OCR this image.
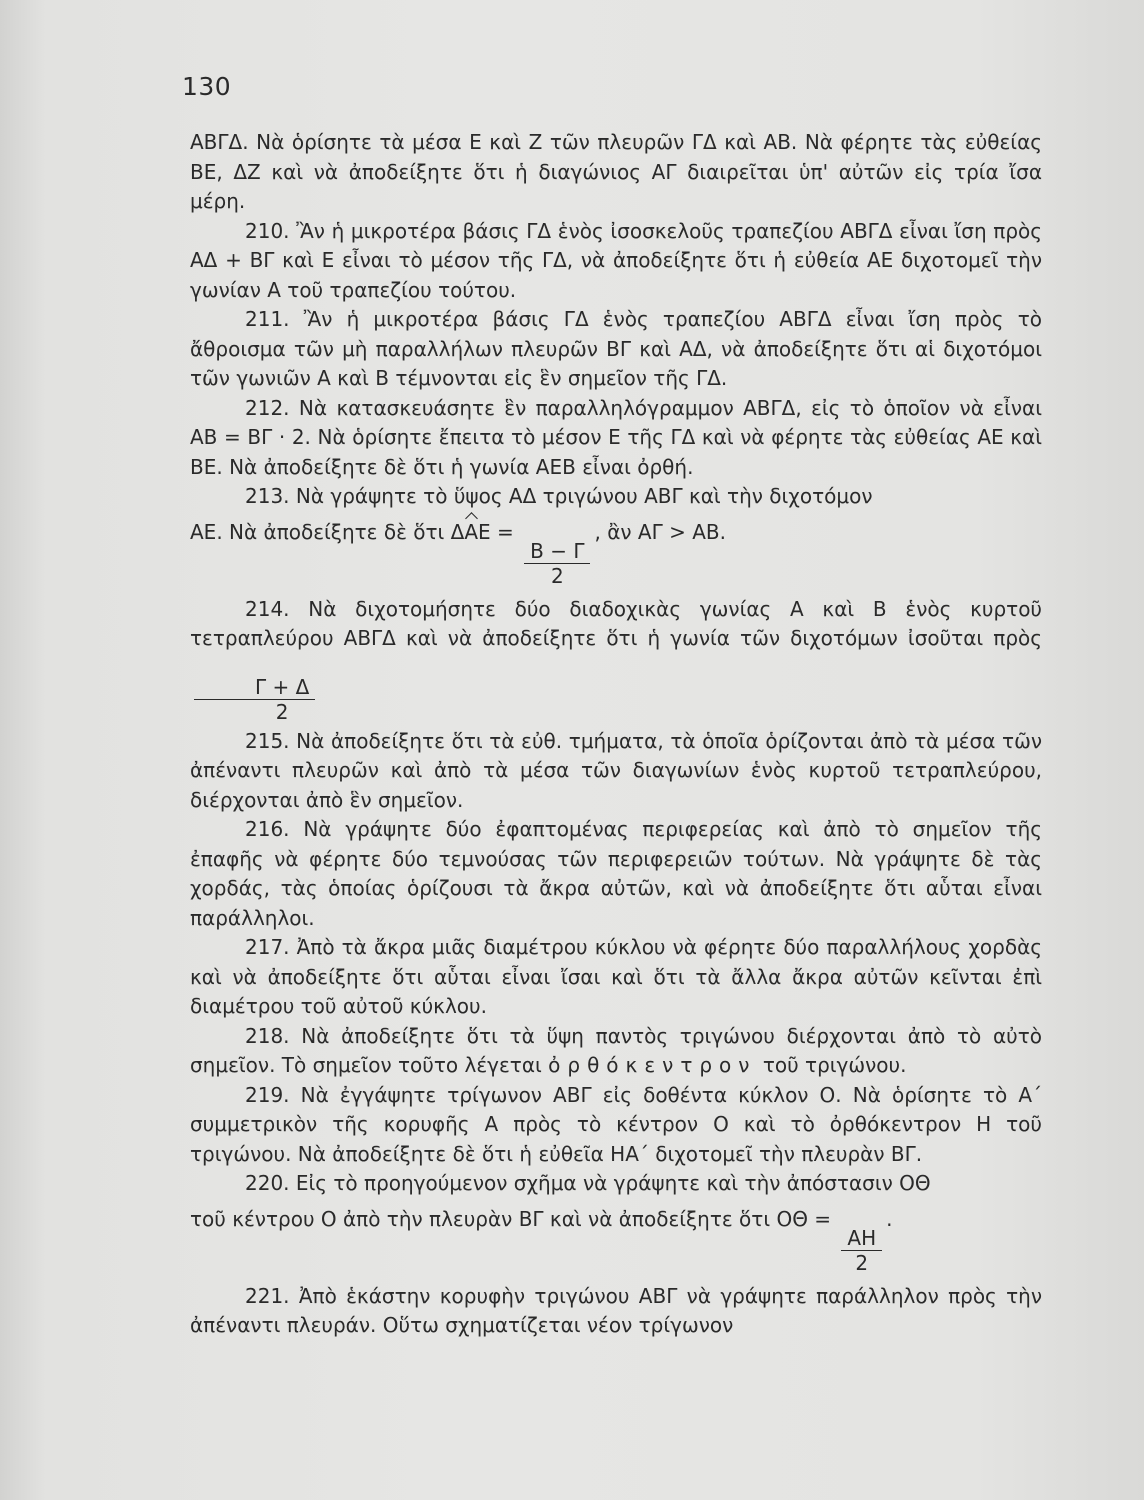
130

ΑΒΓΔ. Νὰ ὁρίσητε τὰ μέσα Ε καὶ Ζ τῶν πλευρῶν ΓΔ καὶ ΑΒ. Νὰ φέρητε τὰς εὐθείας ΒΕ, ΔΖ καὶ νὰ ἀποδείξητε ὅτι ἡ διαγώνιος ΑΓ διαιρεῖται ὑπ' αὐτῶν εἰς τρία ἴσα μέρη.

210. Ἂν ἡ μικροτέρα βάσις ΓΔ ἑνὸς ἰσοσκελοῦς τραπεζίου ΑΒΓΔ εἶναι ἴση πρὸς ΑΔ + ΒΓ καὶ Ε εἶναι τὸ μέσον τῆς ΓΔ, νὰ ἀποδείξητε ὅτι ἡ εὐθεία ΑΕ διχοτομεῖ τὴν γωνίαν Α τοῦ τραπεζίου τούτου.

211. Ἂν ἡ μικροτέρα βάσις ΓΔ ἑνὸς τραπεζίου ΑΒΓΔ εἶναι ἴση πρὸς τὸ ἄθροισμα τῶν μὴ παραλλήλων πλευρῶν ΒΓ καὶ ΑΔ, νὰ ἀποδείξητε ὅτι αἱ διχοτόμοι τῶν γωνιῶν Α καὶ Β τέμνονται εἰς ἓν σημεῖον τῆς ΓΔ.

212. Νὰ κατασκευάσητε ἓν παραλληλόγραμμον ΑΒΓΔ, εἰς τὸ ὁποῖον νὰ εἶναι ΑΒ = ΒΓ · 2. Νὰ ὁρίσητε ἔπειτα τὸ μέσον Ε τῆς ΓΔ καὶ νὰ φέρητε τὰς εὐθείας ΑΕ καὶ ΒΕ. Νὰ ἀποδείξητε δὲ ὅτι ἡ γωνία ΑΕΒ εἶναι ὀρθή.

213. Νὰ γράψητε τὸ ὕψος ΑΔ τριγώνου ΑΒΓ καὶ τὴν διχοτόμον

ΑΕ. Νὰ ἀποδείξητε δὲ ὅτι ΔΑΕ =
$\frac{B - \Gamma}{2}$
, ἂν ΑΓ > ΑΒ.

214. Νὰ διχοτομήσητε δύο διαδοχικὰς γωνίας Α καὶ Β ἑνὸς κυρτοῦ τετραπλεύρου ΑΒΓΔ καὶ νὰ ἀποδείξητε ὅτι ἡ γωνία τῶν διχοτόμων ἰσοῦται πρὸς
$\frac{\Gamma + \Delta}{2}$

215. Νὰ ἀποδείξητε ὅτι τὰ εὐθ. τμήματα, τὰ ὁποῖα ὁρίζονται ἀπὸ τὰ μέσα τῶν ἀπέναντι πλευρῶν καὶ ἀπὸ τὰ μέσα τῶν διαγωνίων ἑνὸς κυρτοῦ τετραπλεύρου, διέρχονται ἀπὸ ἓν σημεῖον.

216. Νὰ γράψητε δύο ἐφαπτομένας περιφερείας καὶ ἀπὸ τὸ σημεῖον τῆς ἐπαφῆς νὰ φέρητε δύο τεμνούσας τῶν περιφερειῶν τούτων. Νὰ γράψητε δὲ τὰς χορδάς, τὰς ὁποίας ὁρίζουσι τὰ ἄκρα αὐτῶν, καὶ νὰ ἀποδείξητε ὅτι αὗται εἶναι παράλληλοι.

217. Ἀπὸ τὰ ἄκρα μιᾶς διαμέτρου κύκλου νὰ φέρητε δύο παραλλήλους χορδὰς καὶ νὰ ἀποδείξητε ὅτι αὗται εἶναι ἴσαι καὶ ὅτι τὰ ἄλλα ἄκρα αὐτῶν κεῖνται ἐπὶ διαμέτρου τοῦ αὐτοῦ κύκλου.

218. Νὰ ἀποδείξητε ὅτι τὰ ὕψη παντὸς τριγώνου διέρχονται ἀπὸ τὸ αὐτὸ σημεῖον. Τὸ σημεῖον τοῦτο λέγεται ὀρθόκεντρον τοῦ τριγώνου.

219. Νὰ ἐγγάψητε τρίγωνον ΑΒΓ εἰς δοθέντα κύκλον Ο. Νὰ ὁρίσητε τὸ Α΄ συμμετρικὸν τῆς κορυφῆς Α πρὸς τὸ κέντρον Ο καὶ τὸ ὀρθόκεντρον Η τοῦ τριγώνου. Νὰ ἀποδείξητε δὲ ὅτι ἡ εὐθεῖα ΗΑ΄ διχοτομεῖ τὴν πλευρὰν ΒΓ.

220. Εἰς τὸ προηγούμενον σχῆμα νὰ γράψητε καὶ τὴν ἀπόστασιν ΟΘ

τοῦ κέντρου Ο ἀπὸ τὴν πλευρὰν ΒΓ καὶ νὰ ἀποδείξητε ὅτι ΟΘ =
$\frac{AH}{2}$
.

221. Ἀπὸ ἑκάστην κορυφὴν τριγώνου ΑΒΓ νὰ γράψητε παράλληλον πρὸς τὴν ἀπέναντι πλευράν. Οὕτω σχηματίζεται νέον τρίγωνον
